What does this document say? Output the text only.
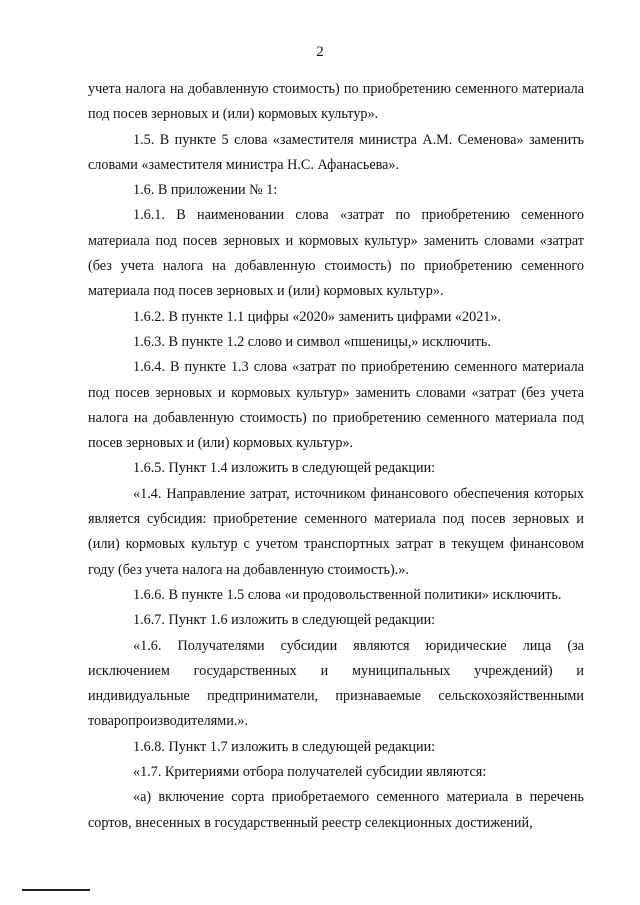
2

учета налога на добавленную стоимость) по приобретению семенного материала под посев зерновых и (или) кормовых культур».

1.5. В пункте 5 слова «заместителя министра А.М. Семенова» заменить словами «заместителя министра Н.С. Афанасьева».

1.6. В приложении № 1:

1.6.1. В наименовании слова «затрат по приобретению семенного материала под посев зерновых и кормовых культур» заменить словами «затрат (без учета налога на добавленную стоимость) по приобретению семенного материала под посев зерновых и (или) кормовых культур».

1.6.2. В пункте 1.1 цифры «2020» заменить цифрами «2021».

1.6.3. В пункте 1.2 слово и символ «пшеницы,» исключить.

1.6.4. В пункте 1.3 слова «затрат по приобретению семенного материала под посев зерновых и кормовых культур» заменить словами «затрат (без учета налога на добавленную стоимость) по приобретению семенного материала под посев зерновых и (или) кормовых культур».

1.6.5. Пункт 1.4 изложить в следующей редакции:

«1.4. Направление затрат, источником финансового обеспечения которых является субсидия: приобретение семенного материала под посев зерновых и (или) кормовых культур с учетом транспортных затрат в текущем финансовом году (без учета налога на добавленную стоимость).».

1.6.6. В пункте 1.5 слова «и продовольственной политики» исключить.

1.6.7. Пункт 1.6 изложить в следующей редакции:

«1.6. Получателями субсидии являются юридические лица (за исключением государственных и муниципальных учреждений) и индивидуальные предприниматели, признаваемые сельскохозяйственными товаропроизводителями.».

1.6.8. Пункт 1.7 изложить в следующей редакции:

«1.7. Критериями отбора получателей субсидии являются:

«а) включение сорта приобретаемого семенного материала в перечень сортов, внесенных в государственный реестр селекционных достижений,
